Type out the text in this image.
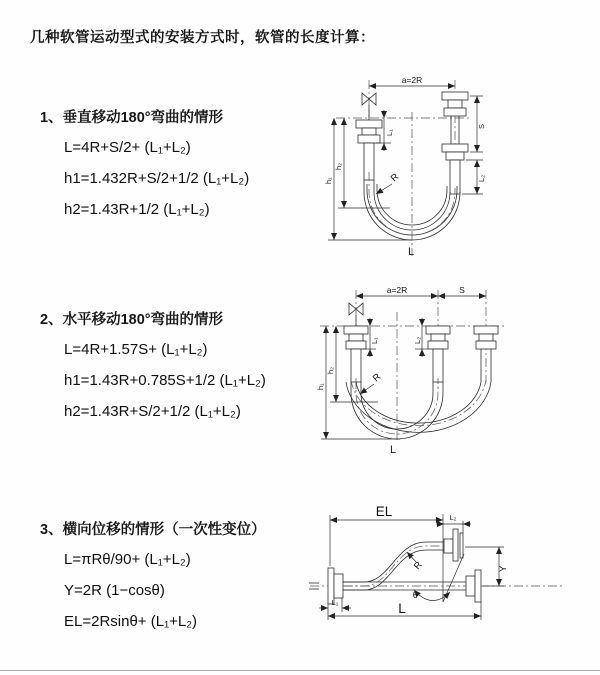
几种软管运动型式的安装方式时，软管的长度计算：
1、垂直移动180°弯曲的情形
L=4R+S/2+ (L₁+L₂)
h1=1.432R+S/2+1/2 (L₁+L₂)
h2=1.43R+1/2 (L₁+L₂)
2、水平移动180°弯曲的情形
L=4R+1.57S+ (L₁+L₂)
h1=1.43R+0.785S+1/2 (L₁+L₂)
h2=1.43R+S/2+1/2 (L₁+L₂)
3、横向位移的情形（一次性变位）
L=πRθ/90+ (L₁+L₂)
Y=2R (1−cosθ)
EL=2Rsinθ+ (L₁+L₂)
a=2R
L₁
S
L₂
h₁
h₂
R
L
a=2R	S
h₁
h₂
L₁	L₂
R
L
θ
EL	L₂
Y
R
L₁	L
